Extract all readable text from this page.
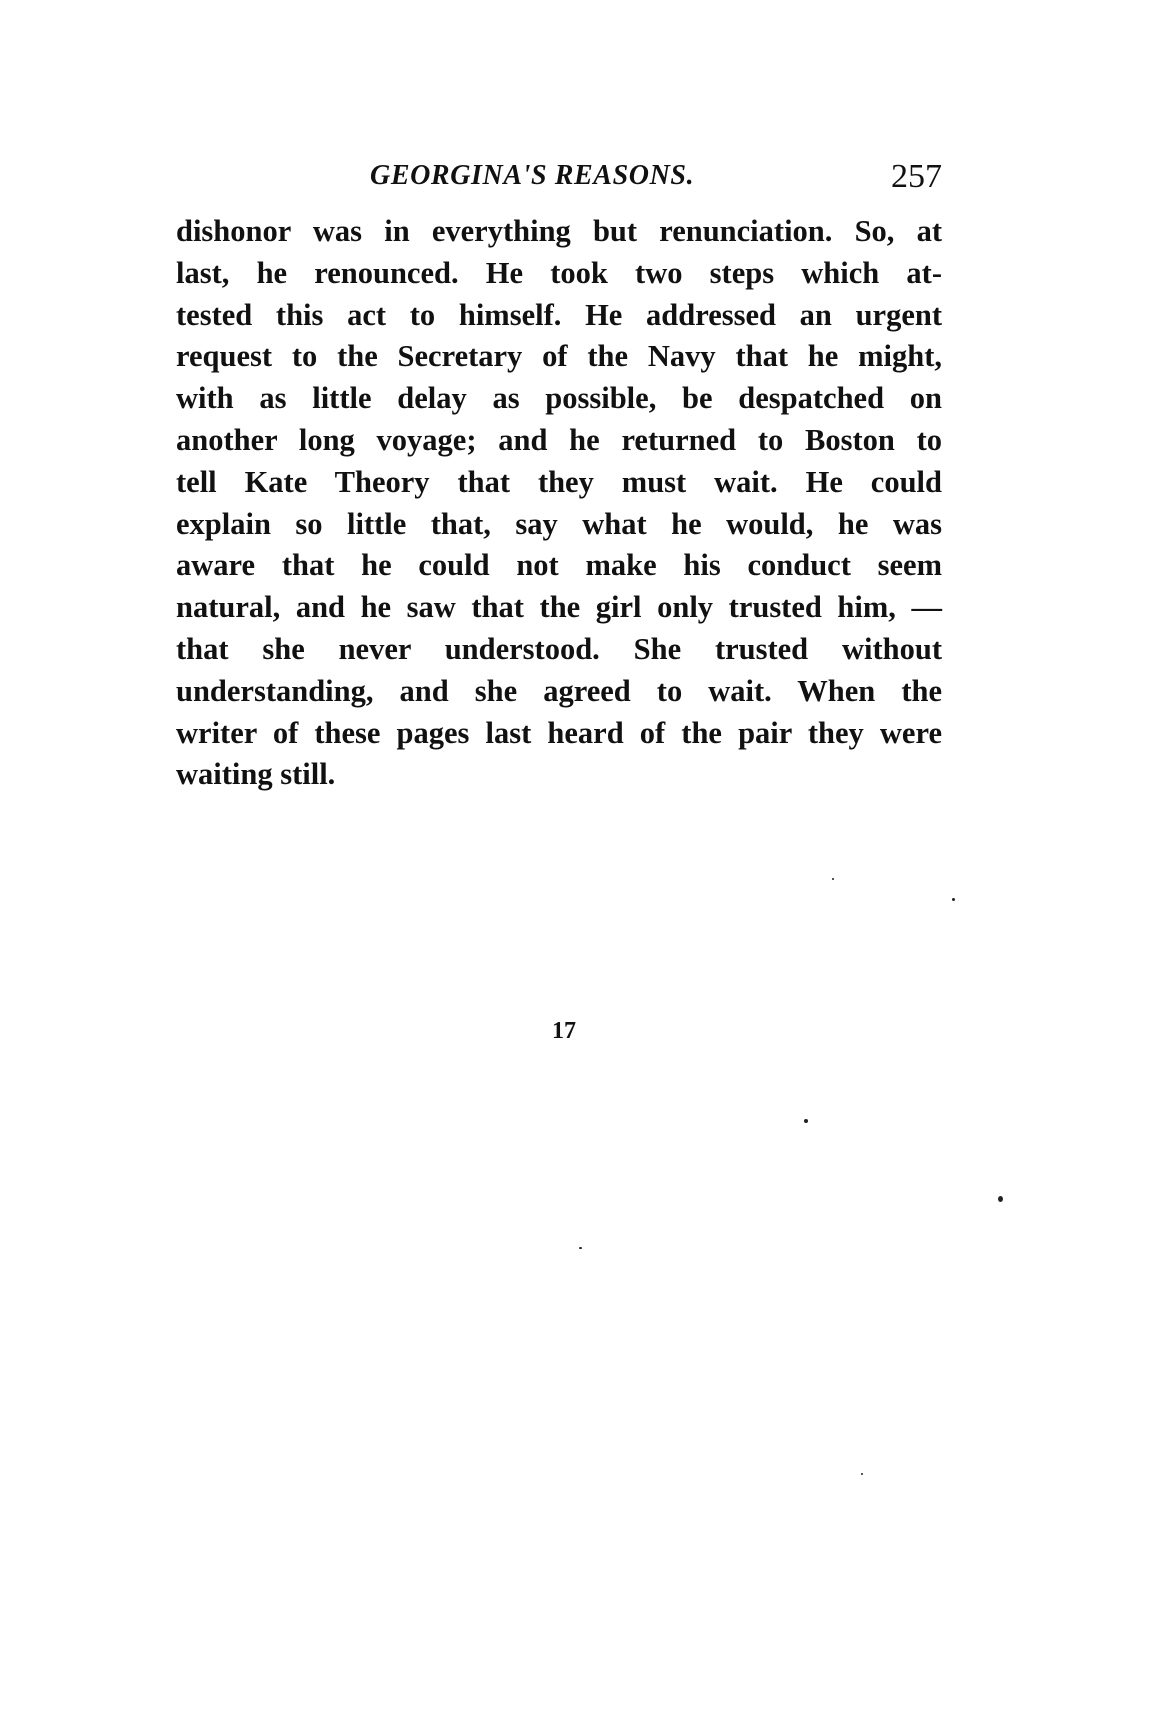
GEORGINA'S REASONS.	257
dishonor was in everything but renunciation. So, at
last, he renounced. He took two steps which at-
tested this act to himself. He addressed an urgent
request to the Secretary of the Navy that he might,
with as little delay as possible, be despatched on
another long voyage; and he returned to Boston to
tell Kate Theory that they must wait. He could
explain so little that, say what he would, he was
aware that he could not make his conduct seem
natural, and he saw that the girl only trusted him, —
that she never understood. She trusted without
understanding, and she agreed to wait. When the
writer of these pages last heard of the pair they were
waiting still.
17
